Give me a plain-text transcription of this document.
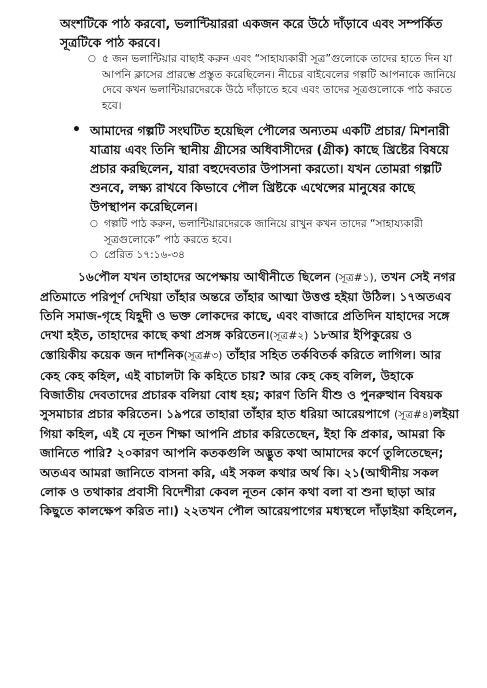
অংশটিকে পাঠ করবো, ভলান্টিয়াররা একজন করে উঠে দাঁড়াবে এবং সম্পর্কিত সূত্রটিকে পাঠ করবে।

○ ৫ জন ভলান্টিয়ার বাছাই করুন এবং “সাহায্যকারী সূত্র”গুলোকে তাদের হাতে দিন যা আপনি ক্লাসের প্রারম্ভে প্রস্তুত করেছিলেন। নীচের বাইবেলের গল্পটি আপনাকে জানিয়ে দেবে কখন ভলান্টিয়ারদেরকে উঠে দাঁড়াতে হবে এবং তাদের সূত্রগুলোকে পাঠ করতে হবে।
• আমাদের গল্পটি সংঘটিত হয়েছিল পৌলের অন্যতম একটি প্রচার/ মিশনারী যাত্রায় এবং তিনি স্থানীয় গ্রীসের অধিবাসীদের (গ্রীক) কাছে খ্রিষ্টের বিষয়ে প্রচার করছিলেন, যারা বহুদেবতার উপাসনা করতো। যখন তোমরা গল্পটি শুনবে, লক্ষ্য রাখবে কিভাবে পৌল খ্রিষ্টকে এথেন্সের মানুষের কাছে উপস্থাপন করেছিলেন।
○ গল্পটি পাঠ করুন, ভলান্টিয়ারদেরকে জানিয়ে রাখুন কখন তাদের “সাহায্যকারী সূত্রগুলোকে” পাঠ করতে হবে।
○ প্রেরিত ১৭:১৬-৩৪

১৬পৌল যখন তাহাদের অপেক্ষায় আথীনীতে ছিলেন (সূত্র#১), তখন সেই নগর প্রতিমাতে পরিপূর্ণ দেখিয়া তাঁহার অন্তরে তাঁহার আত্মা উত্তপ্ত হইয়া উঠিল। ১৭অতএব তিনি সমাজ-গৃহে যিহূদী ও ভক্ত লোকদের কাছে, এবং বাজারে প্রতিদিন যাহাদের সঙ্গে দেখা হইত, তাহাদের কাছে কথা প্রসঙ্গ করিতেন।(সূত্র#২) ১৮আর ইপিকুরেয় ও স্তোয়িকীয় কয়েক জন দার্শনিক(সূত্র#৩) তাঁহার সহিত তর্কবিতর্ক করিতে লাগিল। আর কেহ কেহ কহিল, এই বাচালটা কি কহিতে চায়? আর কেহ কেহ বলিল, উহাকে বিজাতীয় দেবতাদের প্রচারক বলিয়া বোধ হয়; কারণ তিনি যীশু ও পুনরুত্থান বিষয়ক সুসমাচার প্রচার করিতেন। ১৯পরে তাহারা তাঁহার হাত ধরিয়া আরেয়পাগে (সূত্র#৪)লইয়া গিয়া কহিল, এই যে নূতন শিক্ষা আপনি প্রচার করিতেছেন, ইহা কি প্রকার, আমরা কি জানিতে পারি? ২০কারণ আপনি কতকগুলি অদ্ভুত কথা আমাদের কর্ণে তুলিতেছেন; অতএব আমরা জানিতে বাসনা করি, এই সকল কথার অর্থ কি। ২১(আথীনীয় সকল লোক ও তথাকার প্রবাসী বিদেশীরা কেবল নূতন কোন কথা বলা বা শুনা ছাড়া আর কিছুতে কালক্ষেপ করিত না।) ২২তখন পৌল আরেয়পাগের মধ্যস্থলে দাঁড়াইয়া কহিলেন,
